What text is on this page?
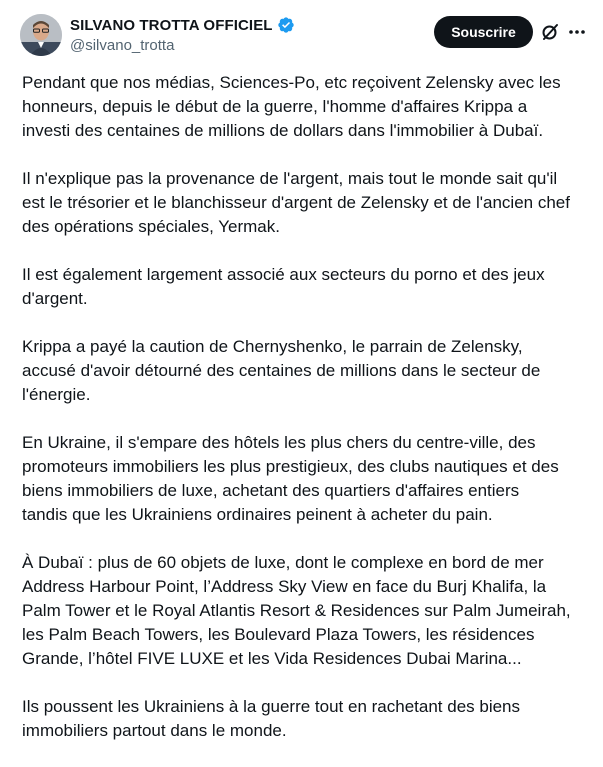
SILVANO TROTTA OFFICIEL
@silvano_trotta
Souscrire

Pendant que nos médias, Sciences-Po, etc reçoivent Zelensky avec les
honneurs, depuis le début de la guerre, l'homme d'affaires Krippa a
investi des centaines de millions de dollars dans l'immobilier à Dubaï.

Il n'explique pas la provenance de l'argent, mais tout le monde sait qu'il
est le trésorier et le blanchisseur d'argent de Zelensky et de l'ancien chef
des opérations spéciales, Yermak.

Il est également largement associé aux secteurs du porno et des jeux
d'argent.

Krippa a payé la caution de Chernyshenko, le parrain de Zelensky,
accusé d'avoir détourné des centaines de millions dans le secteur de
l'énergie.

En Ukraine, il s'empare des hôtels les plus chers du centre-ville, des
promoteurs immobiliers les plus prestigieux, des clubs nautiques et des
biens immobiliers de luxe, achetant des quartiers d'affaires entiers
tandis que les Ukrainiens ordinaires peinent à acheter du pain.

À Dubaï : plus de 60 objets de luxe, dont le complexe en bord de mer
Address Harbour Point, l’Address Sky View en face du Burj Khalifa, la
Palm Tower et le Royal Atlantis Resort & Residences sur Palm Jumeirah,
les Palm Beach Towers, les Boulevard Plaza Towers, les résidences
Grande, l’hôtel FIVE LUXE et les Vida Residences Dubai Marina...

Ils poussent les Ukrainiens à la guerre tout en rachetant des biens
immobiliers partout dans le monde.
